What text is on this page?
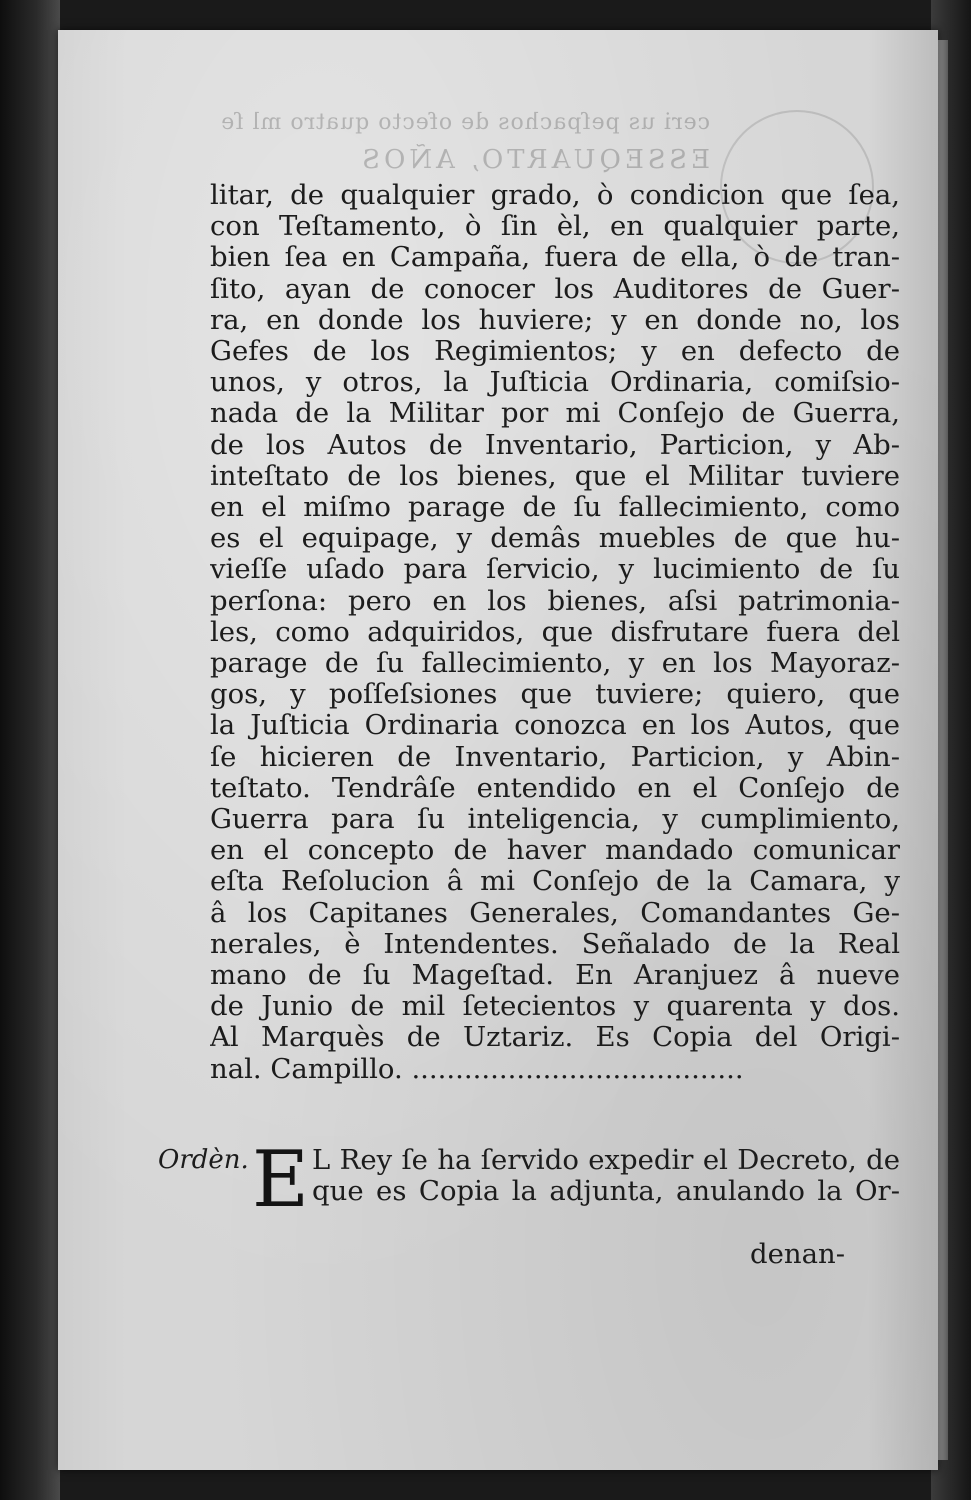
ceri us peſpachos de ofecto quatro ml ſe
ESSEQUARTO, AÑOS
litar, de qualquier grado, ò condicion que ſea,
con Teſtamento, ò ſin èl, en qualquier parte,
bien ſea en Campaña, fuera de ella, ò de tran-
ſito, ayan de conocer los Auditores de Guer-
ra, en donde los huviere; y en donde no, los
Gefes de los Regimientos; y en defecto de
unos, y otros, la Juſticia Ordinaria, comiſsio-
nada de la Militar por mi Conſejo de Guerra,
de los Autos de Inventario, Particion, y Ab-
inteſtato de los bienes, que el Militar tuviere
en el miſmo parage de ſu fallecimiento, como
es el equipage, y demâs muebles de que hu-
vieſſe uſado para ſervicio, y lucimiento de ſu
perſona: pero en los bienes, aſsi patrimonia-
les, como adquiridos, que disfrutare fuera del
parage de ſu fallecimiento, y en los Mayoraz-
gos, y poſſeſsiones que tuviere; quiero, que
la Juſticia Ordinaria conozca en los Autos, que
ſe hicieren de Inventario, Particion, y Abin-
teſtato. Tendrâſe entendido en el Conſejo de
Guerra para ſu inteligencia, y cumplimiento,
en el concepto de haver mandado comunicar
eſta Reſolucion â mi Conſejo de la Camara, y
â los Capitanes Generales, Comandantes Ge-
nerales, è Intendentes. Señalado de la Real
mano de ſu Mageſtad. En Aranjuez â nueve
de Junio de mil ſetecientos y quarenta y dos.
Al Marquès de Uztariz. Es Copia del Origi-
nal. Campillo. ......................................
Ordèn. E L Rey ſe ha ſervido expedir el Decreto, de
que es Copia la adjunta, anulando la Or-
denan-
